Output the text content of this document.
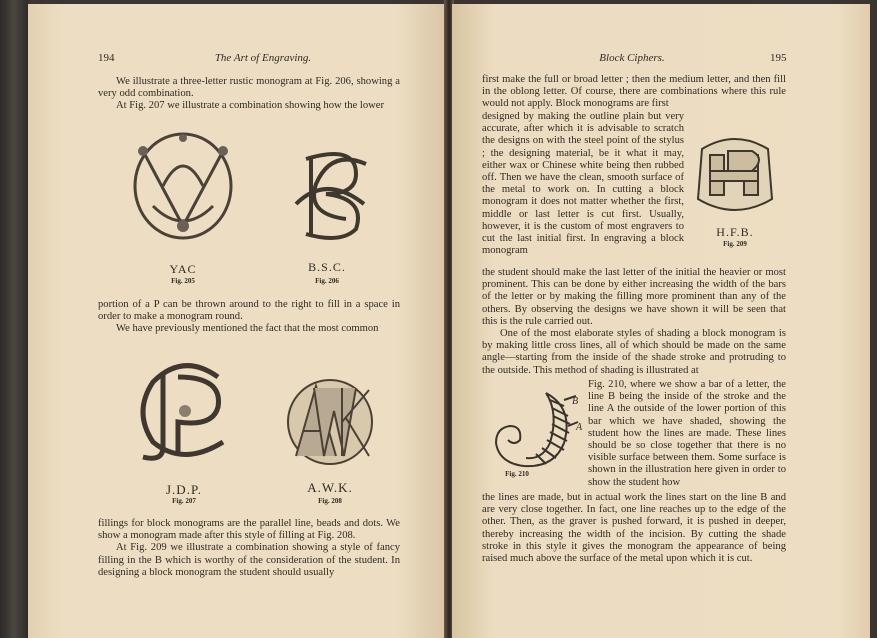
194	The Art of Engraving.

We illustrate a three-letter rustic monogram at Fig. 206, showing a very odd combination.

At Fig. 207 we illustrate a combination showing how the lower

YAC
Fig. 205
B.S.C.
Fig. 206

portion of a P can be thrown around to the right to fill in a space in order to make a monogram round.

We have previously mentioned the fact that the most common

J.D.P.
Fig. 207
A.W.K.
Fig. 208

fillings for block monograms are the parallel line, beads and dots. We show a monogram made after this style of filling at Fig. 208.

At Fig. 209 we illustrate a combination showing a style of fancy filling in the B which is worthy of the consideration of the student. In designing a block monogram the student should usually

Block Ciphers.	195
first make the full or broad letter ; then the medium letter, and then fill in the oblong letter. Of course, there are combinations where this rule would not apply. Block monograms are first
designed by making the outline plain but very accurate, after which it is advisable to scratch the designs on with the steel point of the stylus ; the designing material, be it what it may, either wax or Chinese white being then rubbed off. Then we have the clean, smooth surface of the metal to work on. In cutting a block monogram it does not matter whether the first, middle or last letter is cut first. Usually, however, it is the custom of most engravers to cut the last initial first. In engraving a block monogram
H.F.B.
Fig. 209

the student should make the last letter of the initial the heavier or most prominent. This can be done by either increasing the width of the bars of the letter or by making the filling more prominent than any of the others. By observing the designs we have shown it will be seen that this is the rule carried out.

One of the most elaborate styles of shading a block monogram is by making little cross lines, all of which should be made on the same angle—starting from the inside of the shade stroke and protruding to the outside. This method of shading is illustrated at

B
A
Fig. 210
Fig. 210, where we show a bar of a letter, the line B being the inside of the stroke and the line A the outside of the lower portion of this bar which we have shaded, showing the student how the lines are made. These lines should be so close together that there is no visible surface between them. Some surface is shown in the illustration here given in order to show the student how
the lines are made, but in actual work the lines start on the line B and are very close together. In fact, one line reaches up to the edge of the other. Then, as the graver is pushed forward, it is pushed in deeper, thereby increasing the width of the incision. By cutting the shade stroke in this style it gives the monogram the appearance of being raised much above the surface of the metal upon which it is cut.
